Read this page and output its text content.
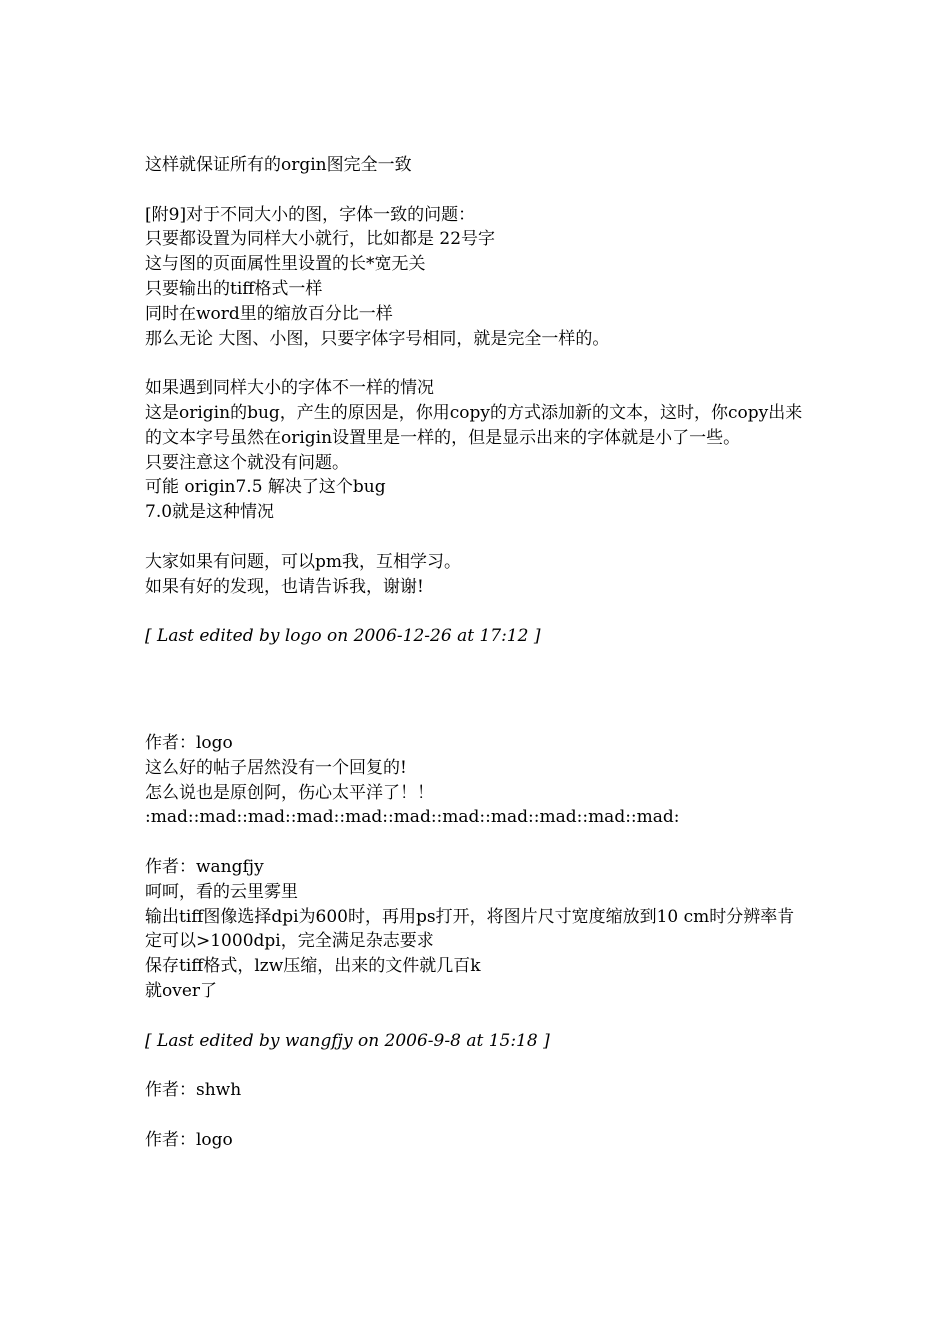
这样就保证所有的orgin图完全一致
[附9]对于不同大小的图，字体一致的问题：
只要都设置为同样大小就行，比如都是 22号字
这与图的页面属性里设置的长*宽无关
只要输出的tiff格式一样
同时在word里的缩放百分比一样
那么无论 大图、小图，只要字体字号相同，就是完全一样的。
如果遇到同样大小的字体不一样的情况
这是origin的bug，产生的原因是，你用copy的方式添加新的文本，这时，你copy出来的文本字号虽然在origin设置里是一样的，但是显示出来的字体就是小了一些。
只要注意这个就没有问题。
可能 origin7.5 解决了这个bug
7.0就是这种情况
大家如果有问题，可以pm我，互相学习。
如果有好的发现，也请告诉我，谢谢!
[ Last edited by logo on 2006-12-26 at 17:12 ]
作者：logo
这么好的帖子居然没有一个回复的!
怎么说也是原创阿，伤心太平洋了！！
:mad::mad::mad::mad::mad::mad::mad::mad::mad::mad::mad:
作者：wangfjy
呵呵，看的云里雾里
输出tiff图像选择dpi为600时，再用ps打开，将图片尺寸宽度缩放到10 cm时分辨率肯定可以>1000dpi，完全满足杂志要求
保存tiff格式，lzw压缩，出来的文件就几百k
就over了
[ Last edited by wangfjy on 2006-9-8 at 15:18 ]
作者：shwh
作者：logo
